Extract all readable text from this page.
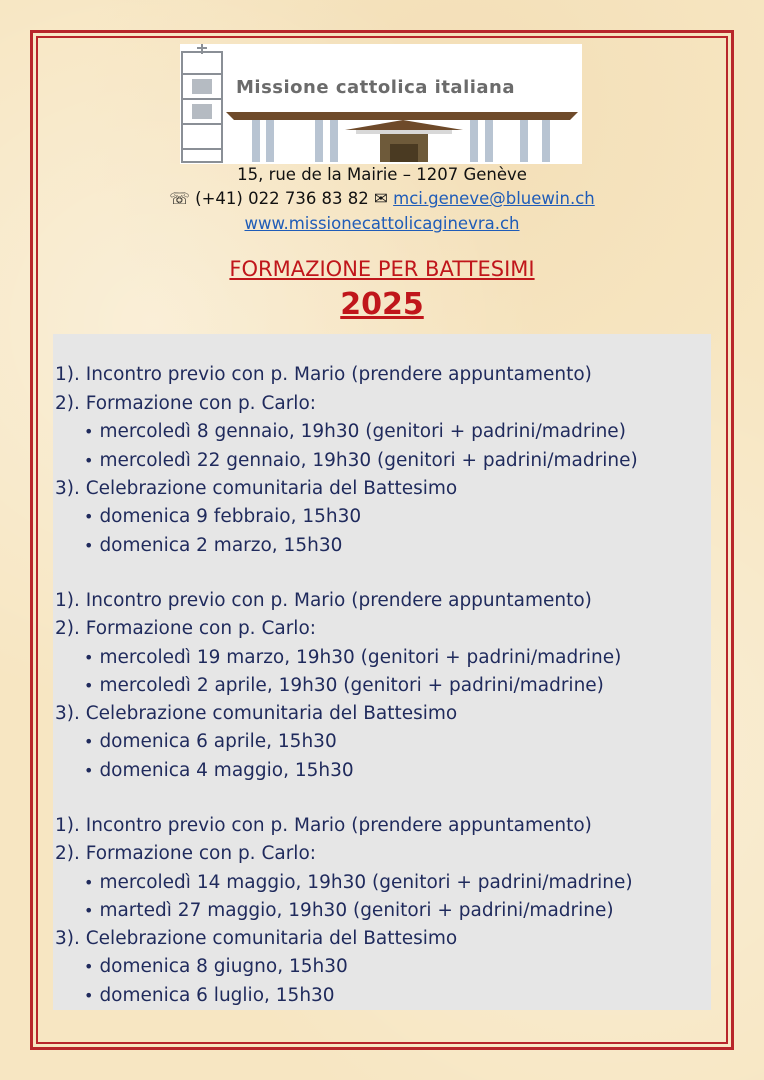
Missione cattolica italiana
15, rue de la Mairie – 1207 Genève
☏ (+41) 022 736 83 82 ✉ mci.geneve@bluewin.ch
www.missionecattolicaginevra.ch
FORMAZIONE PER BATTESIMI
2025
1). Incontro previo con p. Mario (prendere appuntamento)
2). Formazione con p. Carlo:
• mercoledì 8 gennaio, 19h30 (genitori + padrini/madrine)
• mercoledì 22 gennaio, 19h30 (genitori + padrini/madrine)
3). Celebrazione comunitaria del Battesimo
• domenica 9 febbraio, 15h30
• domenica 2 marzo, 15h30
1). Incontro previo con p. Mario (prendere appuntamento)
2). Formazione con p. Carlo:
• mercoledì 19 marzo, 19h30 (genitori + padrini/madrine)
• mercoledì 2 aprile, 19h30 (genitori + padrini/madrine)
3). Celebrazione comunitaria del Battesimo
• domenica 6 aprile, 15h30
• domenica 4 maggio, 15h30
1). Incontro previo con p. Mario (prendere appuntamento)
2). Formazione con p. Carlo:
• mercoledì 14 maggio, 19h30 (genitori + padrini/madrine)
• martedì 27 maggio, 19h30 (genitori + padrini/madrine)
3). Celebrazione comunitaria del Battesimo
• domenica 8 giugno, 15h30
• domenica 6 luglio, 15h30
